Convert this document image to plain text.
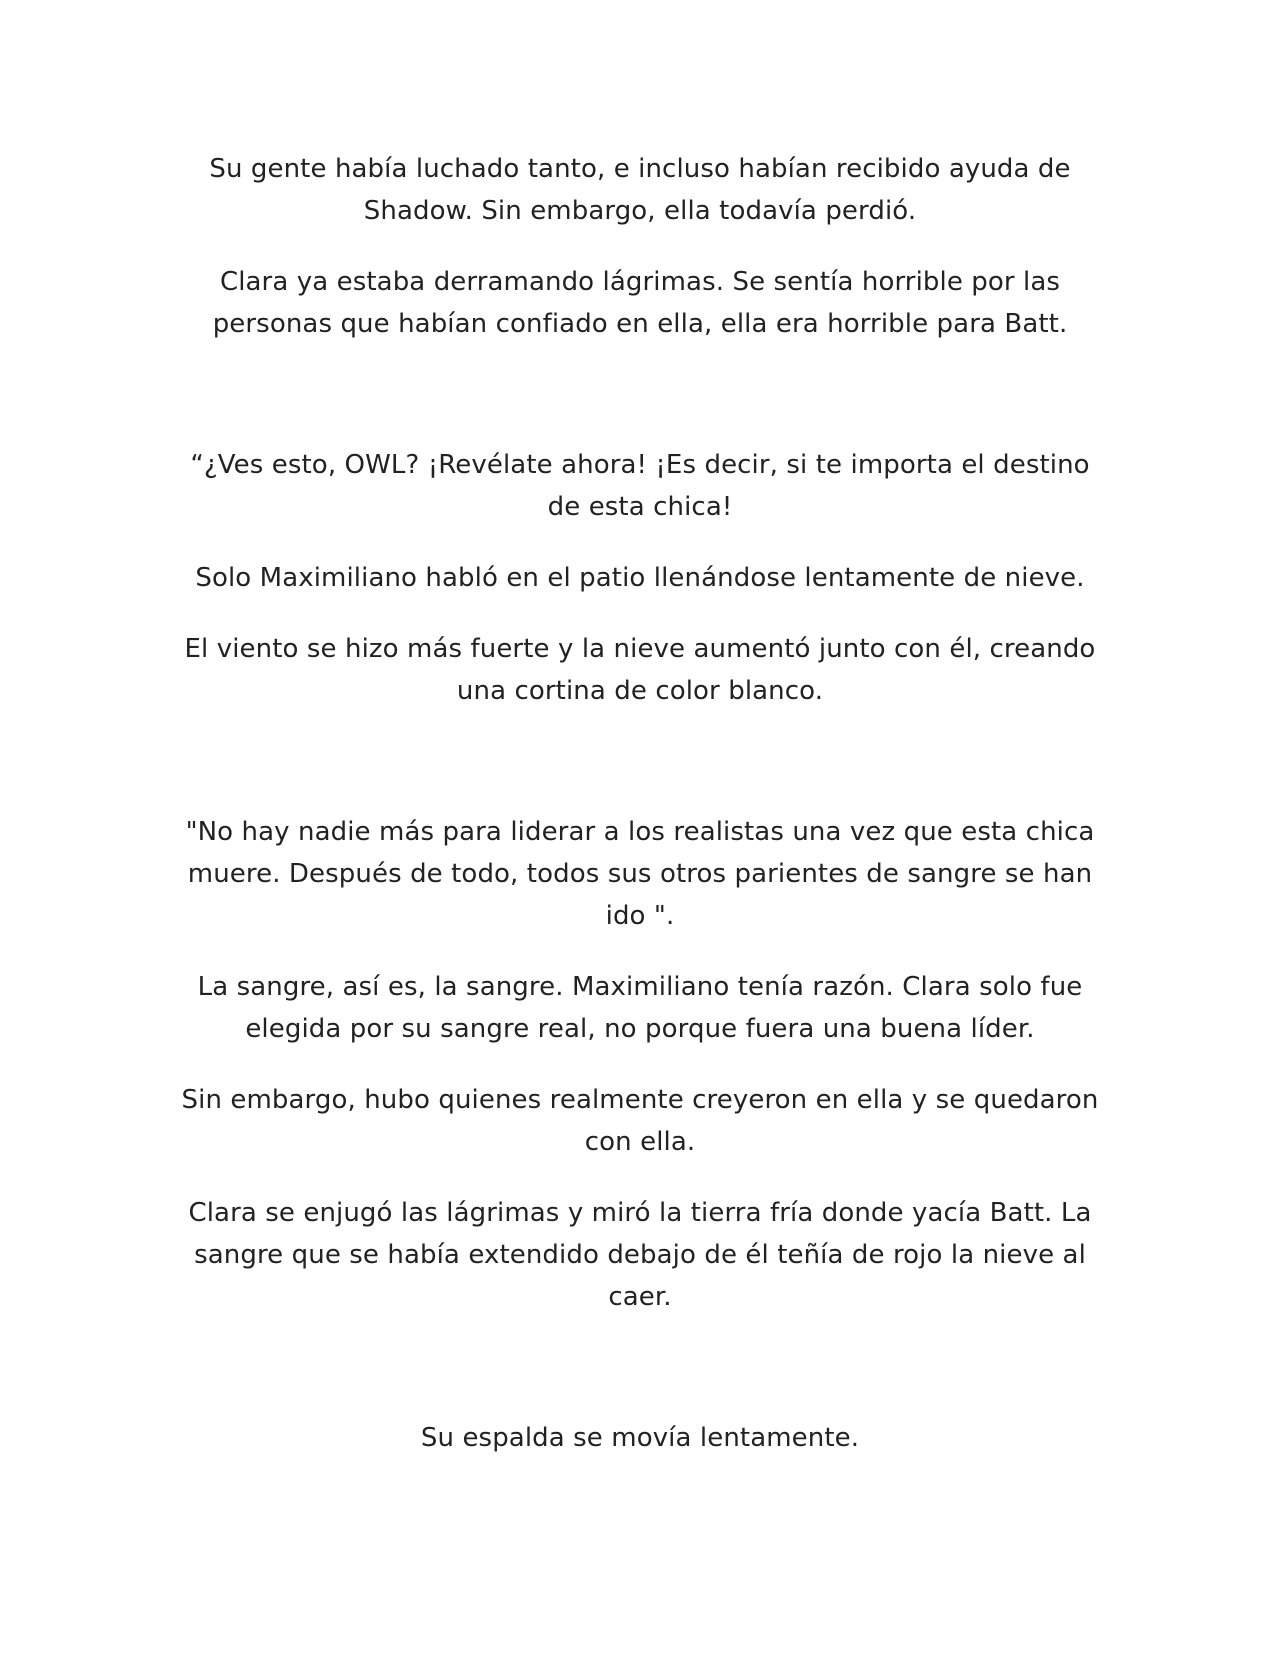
Su gente había luchado tanto, e incluso habían recibido ayuda de Shadow. Sin embargo, ella todavía perdió.

Clara ya estaba derramando lágrimas. Se sentía horrible por las personas que habían confiado en ella, ella era horrible para Batt.

“¿Ves esto, OWL? ¡Revélate ahora! ¡Es decir, si te importa el destino de esta chica!

Solo Maximiliano habló en el patio llenándose lentamente de nieve.

El viento se hizo más fuerte y la nieve aumentó junto con él, creando una cortina de color blanco.

"No hay nadie más para liderar a los realistas una vez que esta chica muere. Después de todo, todos sus otros parientes de sangre se han ido ".

La sangre, así es, la sangre. Maximiliano tenía razón. Clara solo fue elegida por su sangre real, no porque fuera una buena líder.

Sin embargo, hubo quienes realmente creyeron en ella y se quedaron con ella.

Clara se enjugó las lágrimas y miró la tierra fría donde yacía Batt. La sangre que se había extendido debajo de él teñía de rojo la nieve al caer.

Su espalda se movía lentamente.
